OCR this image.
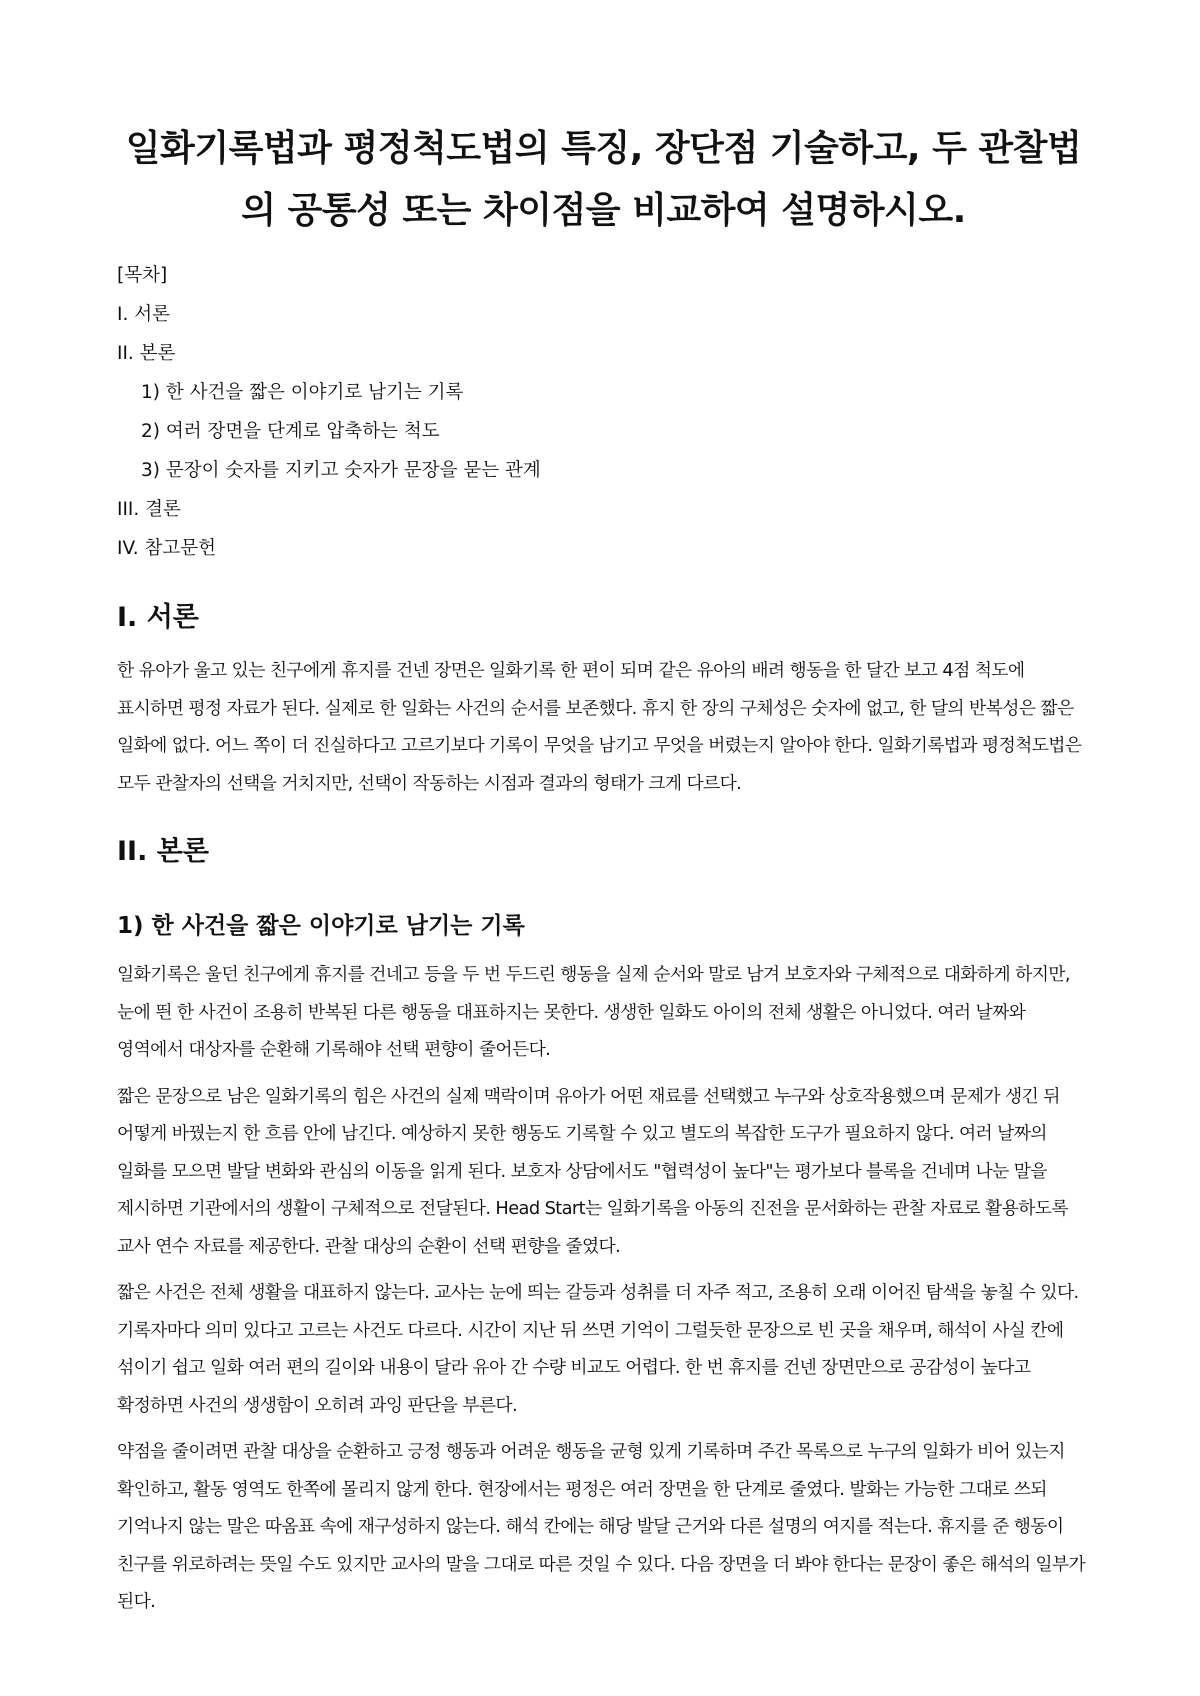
일화기록법과 평정척도법의 특징, 장단점 기술하고, 두 관찰법의 공통성 또는 차이점을 비교하여 설명하시오.
[목차]
I. 서론
II. 본론
1) 한 사건을 짧은 이야기로 남기는 기록
2) 여러 장면을 단계로 압축하는 척도
3) 문장이 숫자를 지키고 숫자가 문장을 묻는 관계
III. 결론
IV. 참고문헌
I. 서론

한 유아가 울고 있는 친구에게 휴지를 건넨 장면은 일화기록 한 편이 되며 같은 유아의 배려 행동을 한 달간 보고 4점 척도에 표시하면 평정 자료가 된다. 실제로 한 일화는 사건의 순서를 보존했다. 휴지 한 장의 구체성은 숫자에 없고, 한 달의 반복성은 짧은 일화에 없다. 어느 쪽이 더 진실하다고 고르기보다 기록이 무엇을 남기고 무엇을 버렸는지 알아야 한다. 일화기록법과 평정척도법은 모두 관찰자의 선택을 거치지만, 선택이 작동하는 시점과 결과의 형태가 크게 다르다.

II. 본론
1) 한 사건을 짧은 이야기로 남기는 기록

일화기록은 울던 친구에게 휴지를 건네고 등을 두 번 두드린 행동을 실제 순서와 말로 남겨 보호자와 구체적으로 대화하게 하지만, 눈에 띈 한 사건이 조용히 반복된 다른 행동을 대표하지는 못한다. 생생한 일화도 아이의 전체 생활은 아니었다. 여러 날짜와 영역에서 대상자를 순환해 기록해야 선택 편향이 줄어든다.

짧은 문장으로 남은 일화기록의 힘은 사건의 실제 맥락이며 유아가 어떤 재료를 선택했고 누구와 상호작용했으며 문제가 생긴 뒤 어떻게 바꿨는지 한 흐름 안에 남긴다. 예상하지 못한 행동도 기록할 수 있고 별도의 복잡한 도구가 필요하지 않다. 여러 날짜의 일화를 모으면 발달 변화와 관심의 이동을 읽게 된다. 보호자 상담에서도 "협력성이 높다"는 평가보다 블록을 건네며 나눈 말을 제시하면 기관에서의 생활이 구체적으로 전달된다. Head Start는 일화기록을 아동의 진전을 문서화하는 관찰 자료로 활용하도록 교사 연수 자료를 제공한다. 관찰 대상의 순환이 선택 편향을 줄였다.

짧은 사건은 전체 생활을 대표하지 않는다. 교사는 눈에 띄는 갈등과 성취를 더 자주 적고, 조용히 오래 이어진 탐색을 놓칠 수 있다. 기록자마다 의미 있다고 고르는 사건도 다르다. 시간이 지난 뒤 쓰면 기억이 그럴듯한 문장으로 빈 곳을 채우며, 해석이 사실 칸에 섞이기 쉽고 일화 여러 편의 길이와 내용이 달라 유아 간 수량 비교도 어렵다. 한 번 휴지를 건넨 장면만으로 공감성이 높다고 확정하면 사건의 생생함이 오히려 과잉 판단을 부른다.

약점을 줄이려면 관찰 대상을 순환하고 긍정 행동과 어려운 행동을 균형 있게 기록하며 주간 목록으로 누구의 일화가 비어 있는지 확인하고, 활동 영역도 한쪽에 몰리지 않게 한다. 현장에서는 평정은 여러 장면을 한 단계로 줄였다. 발화는 가능한 그대로 쓰되 기억나지 않는 말은 따옴표 속에 재구성하지 않는다. 해석 칸에는 해당 발달 근거와 다른 설명의 여지를 적는다. 휴지를 준 행동이 친구를 위로하려는 뜻일 수도 있지만 교사의 말을 그대로 따른 것일 수 있다. 다음 장면을 더 봐야 한다는 문장이 좋은 해석의 일부가 된다.
